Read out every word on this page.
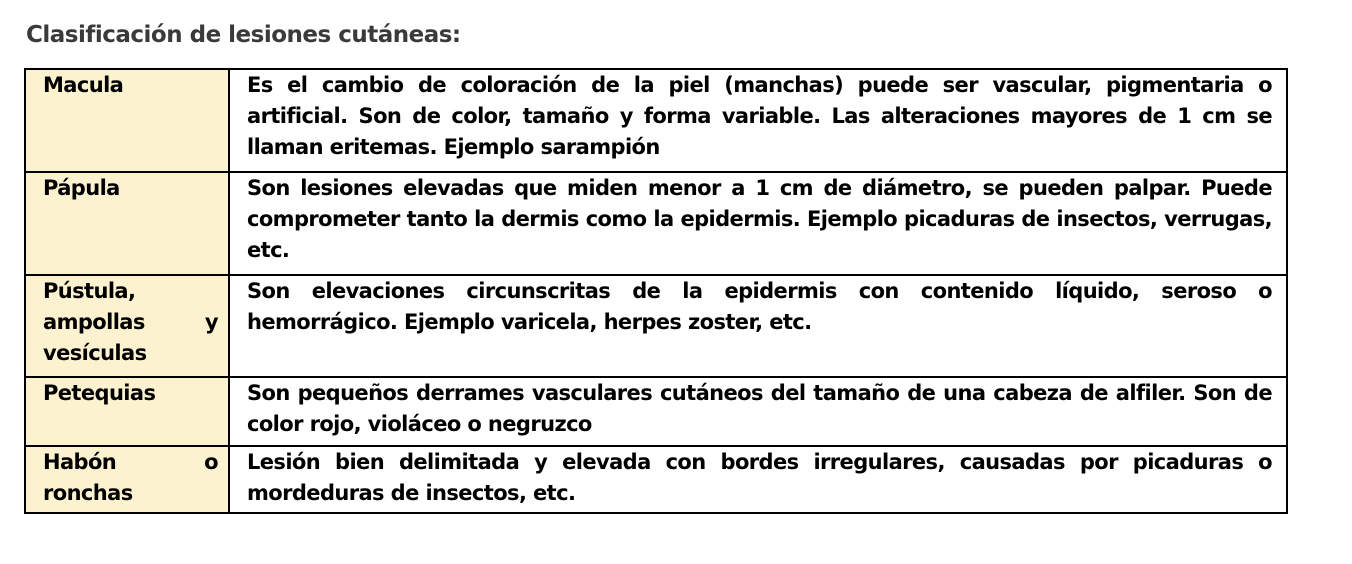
Clasificación de lesiones cutáneas:
Macula	Es el cambio de coloración de la piel (manchas) puede ser vascular, pigmentaria o artificial. Son de color, tamaño y forma variable. Las alteraciones mayores de 1 cm se llaman eritemas. Ejemplo sarampión
Pápula	Son lesiones elevadas que miden menor a 1 cm de diámetro, se pueden palpar. Puede comprometer tanto la dermis como la epidermis. Ejemplo picaduras de insectos, verrugas, etc.
Pústula, ampollas y vesículas	Son elevaciones circunscritas de la epidermis con contenido líquido, seroso o hemorrágico. Ejemplo varicela, herpes zoster, etc.
Petequias	Son pequeños derrames vasculares cutáneos del tamaño de una cabeza de alfiler. Son de color rojo, violáceo o negruzco
Habón o ronchas	Lesión bien delimitada y elevada con bordes irregulares, causadas por picaduras o mordeduras de insectos, etc.
